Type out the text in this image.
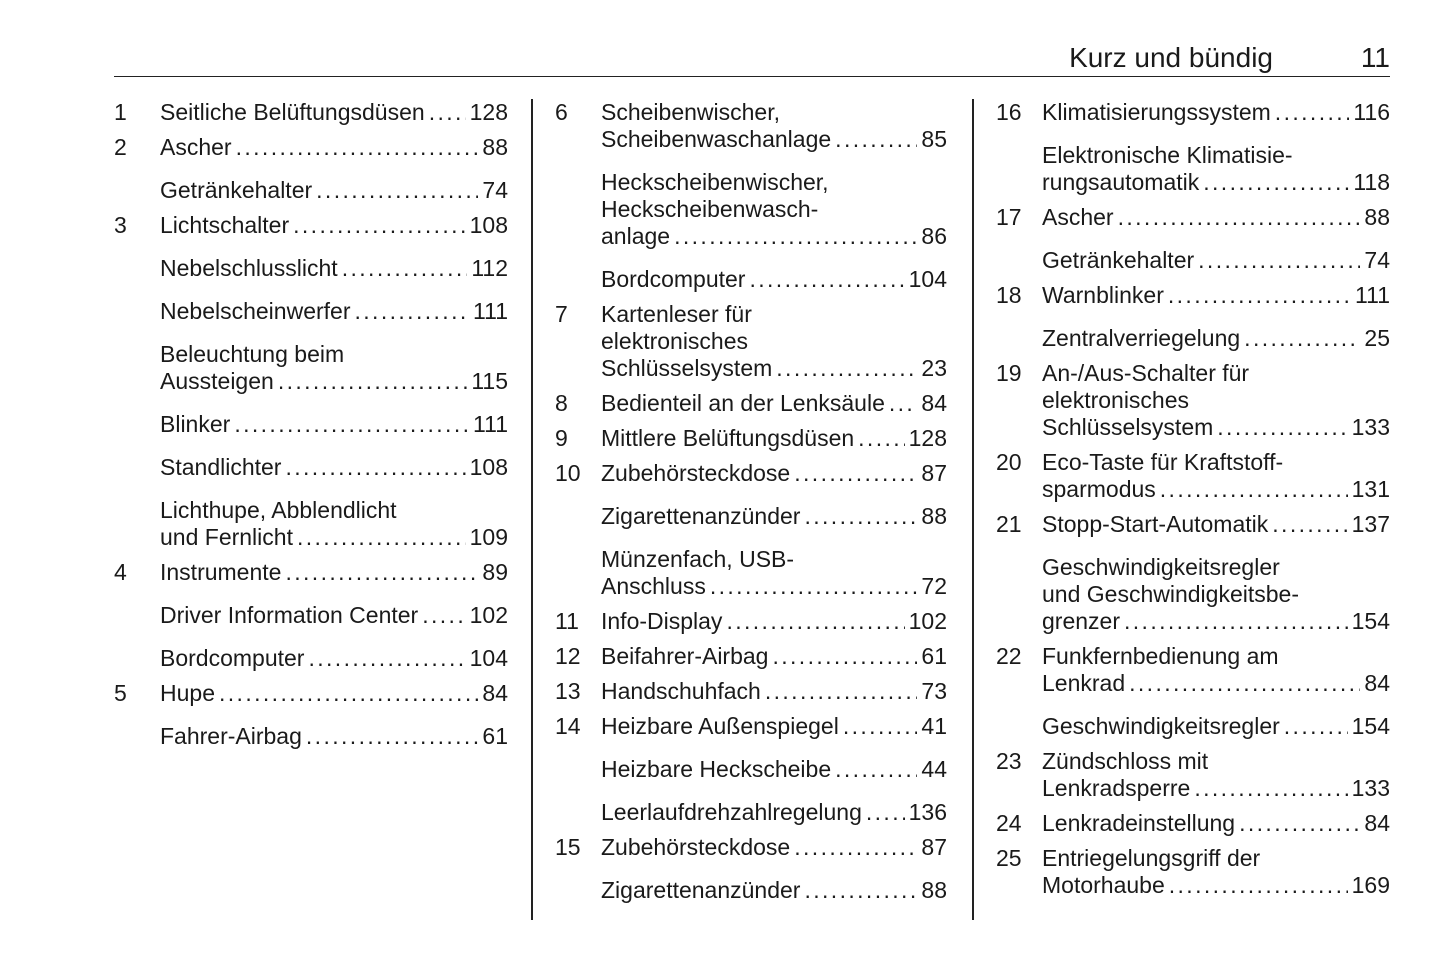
Kurz und bündig	11
1	Seitliche Belüftungsdüsen . . . 128
2	Ascher . . .	88
Getränkehalter . . .	74
3	Lichtschalter . . .	108
Nebelschlusslicht . . .	112
Nebelscheinwerfer . . .	111
Beleuchtung beim
Aussteigen . . .	115
Blinker . . .	111
Standlichter . . .	108
Lichthupe, Abblendlicht
und Fernlicht . . .	109
4	Instrumente . . .	89
Driver Information Center . . . 102
Bordcomputer . . .	104
5	Hupe . . .	84
Fahrer-Airbag . . .	61
6	Scheibenwischer,
Scheibenwaschanlage . . .	85
Heckscheibenwischer,
Heckscheibenwasch-
anlage . . .	86
Bordcomputer . . .	104
7	Kartenleser für
elektronisches
Schlüsselsystem . . .	23
8	Bedienteil an der Lenksäule . . . 84
9	Mittlere Belüftungsdüsen . . . 128
10 Zubehörsteckdose . . .	87
Zigarettenanzünder . . .	88
Münzenfach, USB-
Anschluss . . .	72
11 Info-Display . . .	102
12 Beifahrer-Airbag . . .	61
13 Handschuhfach . . .	73
14 Heizbare Außenspiegel . . .	41
Heizbare Heckscheibe . . .	44
Leerlaufdrehzahlregelung . . . 136
15 Zubehörsteckdose . . .	87
Zigarettenanzünder . . .	88
16 Klimatisierungssystem . . .	116
Elektronische Klimatisie-
rungsautomatik . . .	118
17 Ascher . . .	88
Getränkehalter . . .	74
18 Warnblinker . . .	111
Zentralverriegelung . . .	25
19 An-/Aus-Schalter für
elektronisches
Schlüsselsystem . . .	133
20 Eco-Taste für Kraftstoff-
sparmodus . . .	131
21 Stopp-Start-Automatik . . .	137
Geschwindigkeitsregler
und Geschwindigkeitsbe-
grenzer . . .	154
22 Funkfernbedienung am
Lenkrad . . .	84
Geschwindigkeitsregler . . .	154
23 Zündschloss mit
Lenkradsperre . . .	133
24 Lenkradeinstellung . . .	84
25 Entriegelungsgriff der
Motorhaube . . .	169
